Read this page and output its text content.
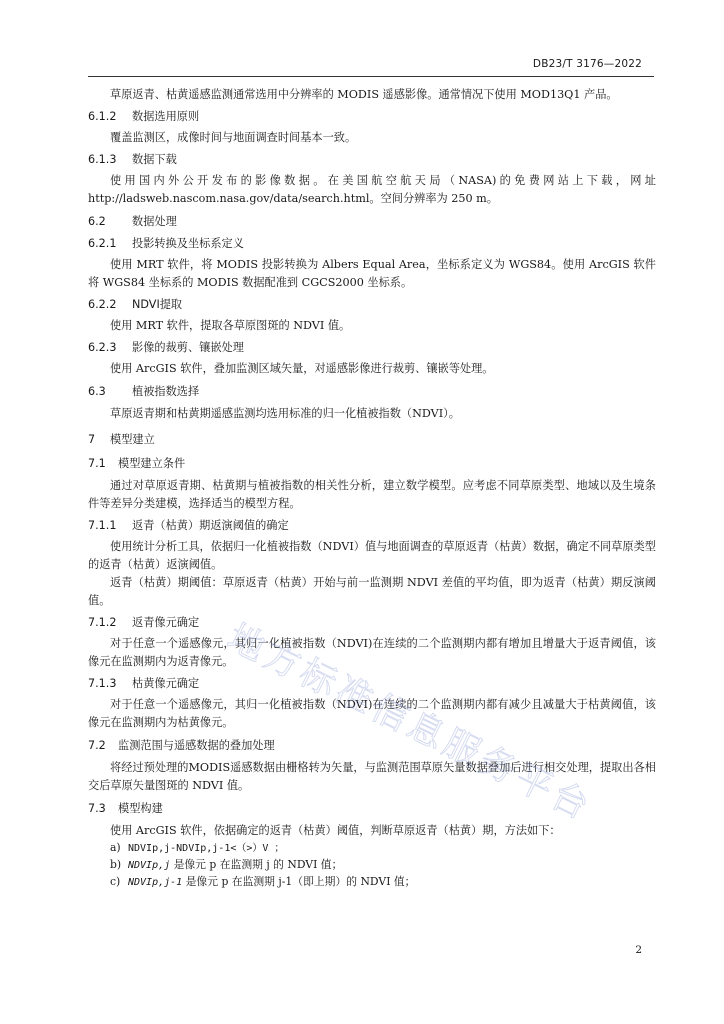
DB23/T 3176—2022

草原返青、枯黄遥感监测通常选用中分辨率的 MODIS 遥感影像。通常情况下使用 MOD13Q1 产品。

6.1.2 数据选用原则

覆盖监测区，成像时间与地面调查时间基本一致。

6.1.3 数据下载

使用国内外公开发布的影像数据。在美国航空航天局（NASA)的免费网站上下载，网址 http://ladsweb.nascom.nasa.gov/data/search.html。空间分辨率为 250 m。

6.2 数据处理
6.2.1 投影转换及坐标系定义

使用 MRT 软件，将 MODIS 投影转换为 Albers Equal Area，坐标系定义为 WGS84。使用 ArcGIS 软件将 WGS84 坐标系的 MODIS 数据配准到 CGCS2000 坐标系。

6.2.2 NDVI提取

使用 MRT 软件，提取各草原图斑的 NDVI 值。

6.2.3 影像的裁剪、镶嵌处理

使用 ArcGIS 软件，叠加监测区域矢量，对遥感影像进行裁剪、镶嵌等处理。

6.3 植被指数选择

草原返青期和枯黄期遥感监测均选用标准的归一化植被指数（NDVI）。

7 模型建立
7.1 模型建立条件

通过对草原返青期、枯黄期与植被指数的相关性分析，建立数学模型。应考虑不同草原类型、地域以及生境条件等差异分类建模，选择适当的模型方程。

7.1.1 返青（枯黄）期返演阈值的确定

使用统计分析工具，依据归一化植被指数（NDVI）值与地面调查的草原返青（枯黄）数据，确定不同草原类型的返青（枯黄）返演阈值。

返青（枯黄）期阈值：草原返青（枯黄）开始与前一监测期 NDVI 差值的平均值，即为返青（枯黄）期反演阈值。

7.1.2 返青像元确定

对于任意一个遥感像元，其归一化植被指数（NDVI)在连续的二个监测期内都有增加且增量大于返青阈值，该像元在监测期内为返青像元。

7.1.3 枯黄像元确定

对于任意一个遥感像元，其归一化植被指数（NDVI)在连续的二个监测期内都有减少且减量大于枯黄阈值，该像元在监测期内为枯黄像元。

7.2 监测范围与遥感数据的叠加处理

将经过预处理的MODIS遥感数据由栅格转为矢量，与监测范围草原矢量数据叠加后进行相交处理，提取出各相交后草原矢量图斑的 NDVI 值。

7.3 模型构建

使用 ArcGIS 软件，依据确定的返青（枯黄）阈值，判断草原返青（枯黄）期，方法如下：

a) NDVIp,j-NDVIp,j-1<（>）V ；

b) NDVIp,j 是像元 p 在监测期 j 的 NDVI 值；

c) NDVIp,j-1 是像元 p 在监测期 j-1（即上期）的 NDVI 值；

地
方
标
准
信
息
服
务
平
台
2
